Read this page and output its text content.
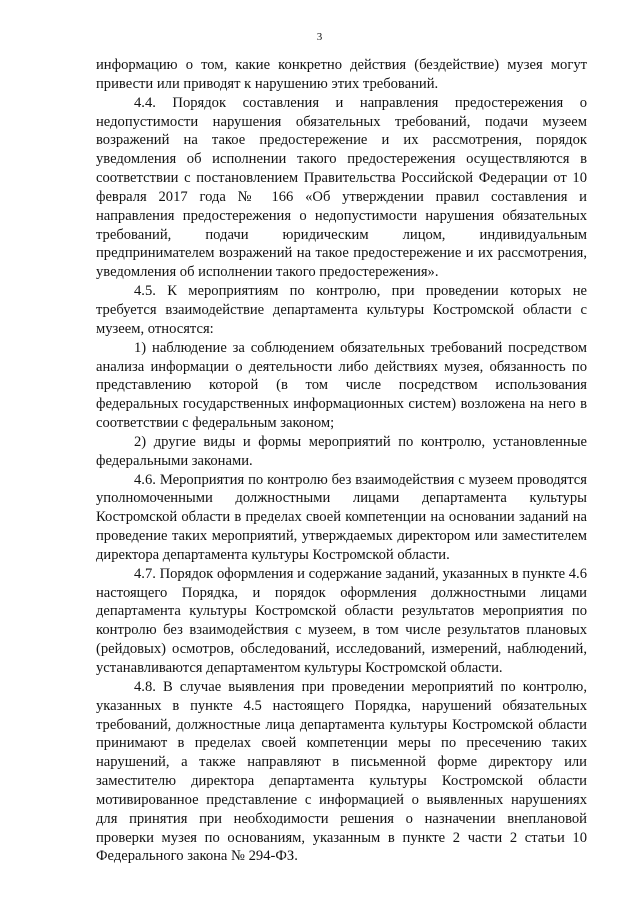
3

информацию о том, какие конкретно действия (бездействие) музея могут привести или приводят к нарушению этих требований.

4.4. Порядок составления и направления предостережения о недопустимости нарушения обязательных требований, подачи музеем возражений на такое предостережение и их рассмотрения, порядок уведомления об исполнении такого предостережения осуществляются в соответствии с постановлением Правительства Российской Федерации от 10 февраля 2017 года № 166 «Об утверждении правил составления и направления предостережения о недопустимости нарушения обязательных требований, подачи юридическим лицом, индивидуальным предпринимателем возражений на такое предостережение и их рассмотрения, уведомления об исполнении такого предостережения».

4.5. К мероприятиям по контролю, при проведении которых не требуется взаимодействие департамента культуры Костромской области с музеем, относятся:

1) наблюдение за соблюдением обязательных требований посредством анализа информации о деятельности либо действиях музея, обязанность по представлению которой (в том числе посредством использования федеральных государственных информационных систем) возложена на него в соответствии с федеральным законом;

2) другие виды и формы мероприятий по контролю, установленные федеральными законами.

4.6. Мероприятия по контролю без взаимодействия с музеем проводятся уполномоченными должностными лицами департамента культуры Костромской области в пределах своей компетенции на основании заданий на проведение таких мероприятий, утверждаемых директором или заместителем директора департамента культуры Костромской области.

4.7. Порядок оформления и содержание заданий, указанных в пункте 4.6 настоящего Порядка, и порядок оформления должностными лицами департамента культуры Костромской области результатов мероприятия по контролю без взаимодействия с музеем, в том числе результатов плановых (рейдовых) осмотров, обследований, исследований, измерений, наблюдений, устанавливаются департаментом культуры Костромской области.

4.8. В случае выявления при проведении мероприятий по контролю, указанных в пункте 4.5 настоящего Порядка, нарушений обязательных требований, должностные лица департамента культуры Костромской области принимают в пределах своей компетенции меры по пресечению таких нарушений, а также направляют в письменной форме директору или заместителю директора департамента культуры Костромской области мотивированное представление с информацией о выявленных нарушениях для принятия при необходимости решения о назначении внеплановой проверки музея по основаниям, указанным в пункте 2 части 2 статьи 10 Федерального закона № 294-ФЗ.
